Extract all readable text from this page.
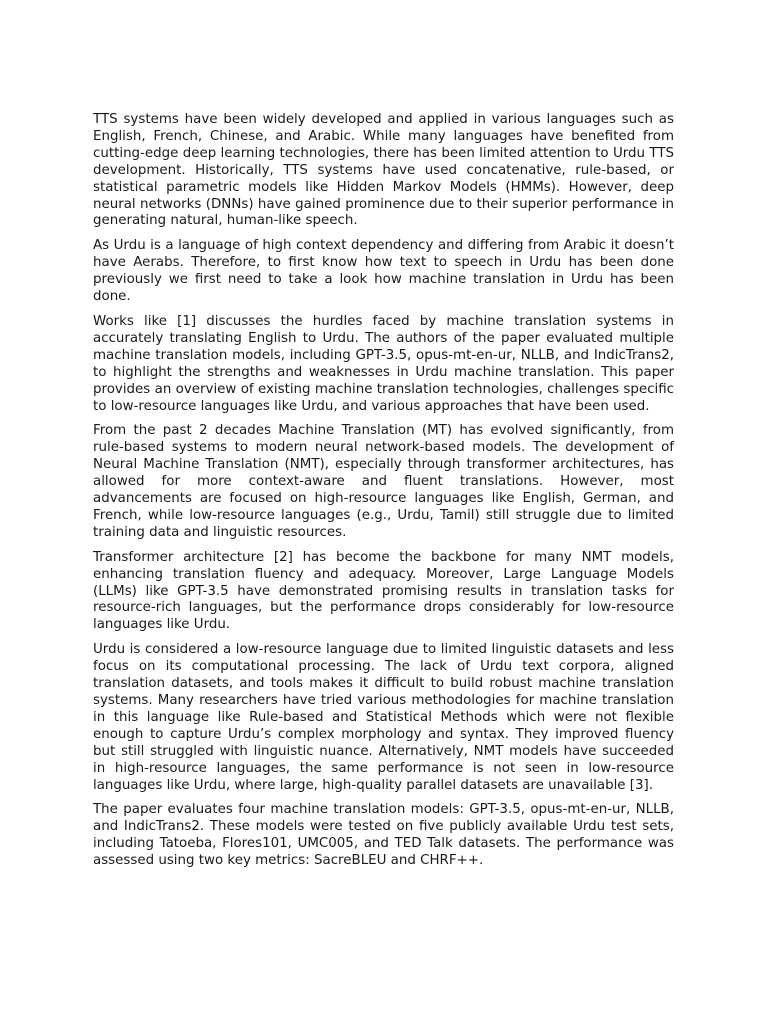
TTS systems have been widely developed and applied in various languages such as English, French, Chinese, and Arabic. While many languages have benefited from cutting-edge deep learning technologies, there has been limited attention to Urdu TTS development. Historically, TTS systems have used concatenative, rule-based, or statistical parametric models like Hidden Markov Models (HMMs). However, deep neural networks (DNNs) have gained prominence due to their superior performance in generating natural, human-like speech.

As Urdu is a language of high context dependency and differing from Arabic it doesn’t have Aerabs. Therefore, to first know how text to speech in Urdu has been done previously we first need to take a look how machine translation in Urdu has been done.

Works like [1] discusses the hurdles faced by machine translation systems in accurately translating English to Urdu. The authors of the paper evaluated multiple machine translation models, including GPT-3.5, opus-mt-en-ur, NLLB, and IndicTrans2, to highlight the strengths and weaknesses in Urdu machine translation. This paper provides an overview of existing machine translation technologies, challenges specific to low-resource languages like Urdu, and various approaches that have been used.

From the past 2 decades Machine Translation (MT) has evolved significantly, from rule-based systems to modern neural network-based models. The development of Neural Machine Translation (NMT), especially through transformer architectures, has allowed for more context-aware and fluent translations. However, most advancements are focused on high-resource languages like English, German, and French, while low-resource languages (e.g., Urdu, Tamil) still struggle due to limited training data and linguistic resources.

Transformer architecture [2] has become the backbone for many NMT models, enhancing translation fluency and adequacy. Moreover, Large Language Models (LLMs) like GPT-3.5 have demonstrated promising results in translation tasks for resource-rich languages, but the performance drops considerably for low-resource languages like Urdu.

Urdu is considered a low-resource language due to limited linguistic datasets and less focus on its computational processing. The lack of Urdu text corpora, aligned translation datasets, and tools makes it difficult to build robust machine translation systems. Many researchers have tried various methodologies for machine translation in this language like Rule-based and Statistical Methods which were not flexible enough to capture Urdu’s complex morphology and syntax. They improved fluency but still struggled with linguistic nuance. Alternatively, NMT models have succeeded in high-resource languages, the same performance is not seen in low-resource languages like Urdu, where large, high-quality parallel datasets are unavailable [3].

The paper evaluates four machine translation models: GPT-3.5, opus-mt-en-ur, NLLB, and IndicTrans2. These models were tested on five publicly available Urdu test sets, including Tatoeba, Flores101, UMC005, and TED Talk datasets. The performance was assessed using two key metrics: SacreBLEU and CHRF++.
